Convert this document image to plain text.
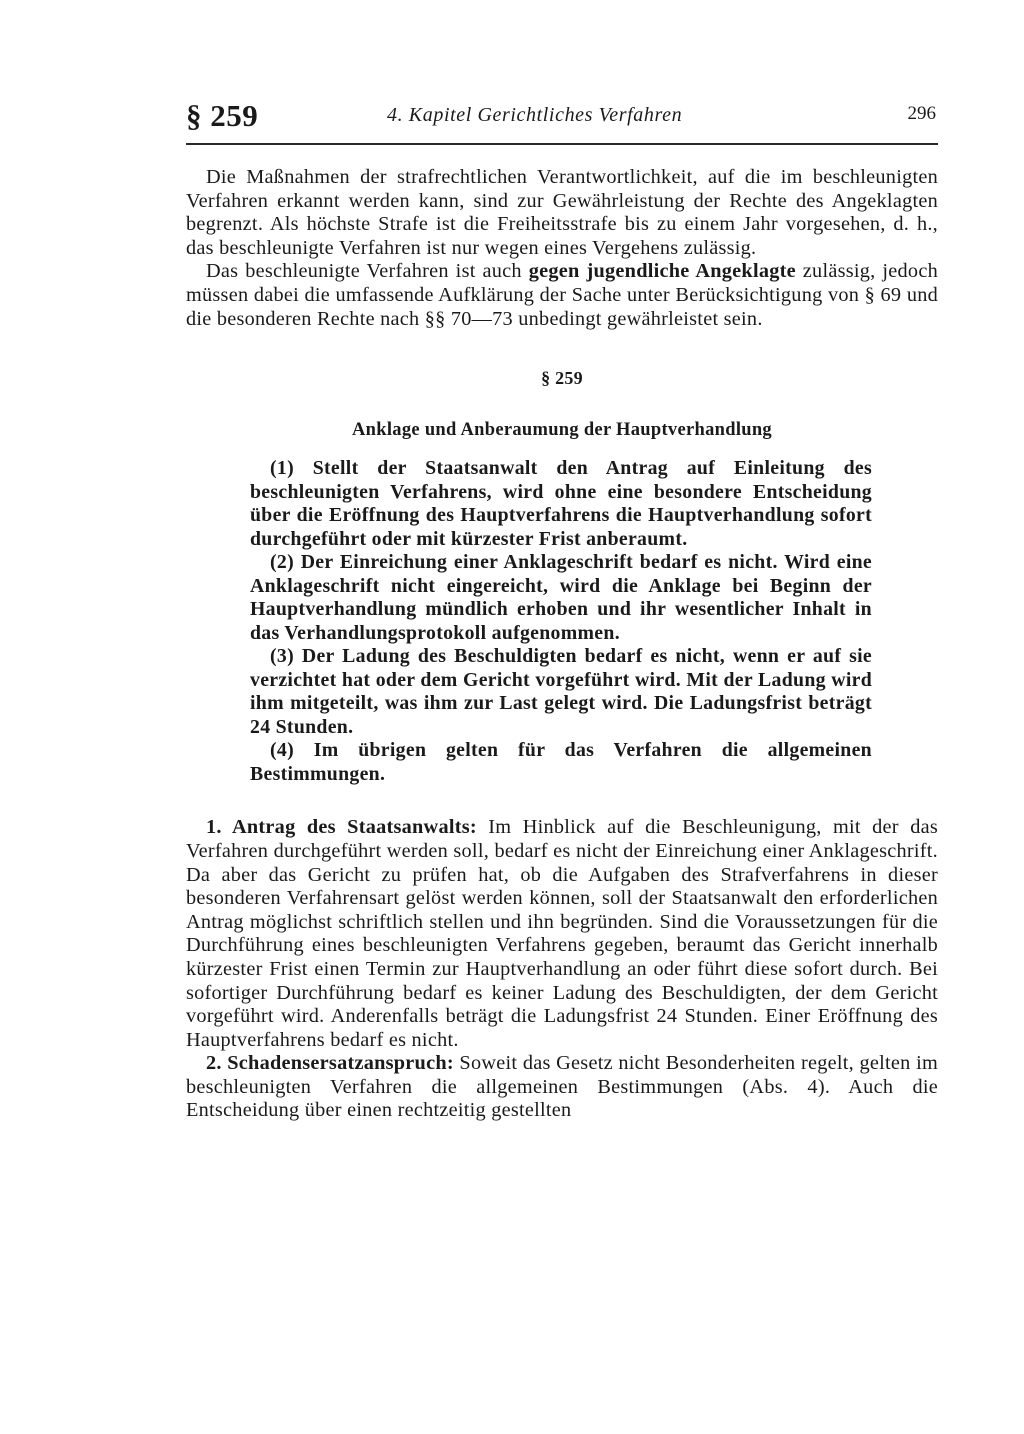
§ 259	4. Kapitel Gerichtliches Verfahren	296

Die Maßnahmen der strafrechtlichen Verantwortlichkeit, auf die im beschleunigten Verfahren erkannt werden kann, sind zur Gewährleistung der Rechte des Angeklagten begrenzt. Als höchste Strafe ist die Freiheitsstrafe bis zu einem Jahr vorgesehen, d. h., das beschleunigte Verfahren ist nur wegen eines Vergehens zulässig.

Das beschleunigte Verfahren ist auch gegen jugendliche Angeklagte zulässig, jedoch müssen dabei die umfassende Aufklärung der Sache unter Berücksichtigung von § 69 und die besonderen Rechte nach §§ 70—73 unbedingt gewährleistet sein.

§ 259

Anklage und Anberaumung der Hauptverhandlung

(1) Stellt der Staatsanwalt den Antrag auf Einleitung des beschleunigten Verfahrens, wird ohne eine besondere Entscheidung über die Eröffnung des Hauptverfahrens die Hauptverhandlung sofort durchgeführt oder mit kürzester Frist anberaumt.

(2) Der Einreichung einer Anklageschrift bedarf es nicht. Wird eine Anklageschrift nicht eingereicht, wird die Anklage bei Beginn der Hauptverhandlung mündlich erhoben und ihr wesentlicher Inhalt in das Verhandlungsprotokoll aufgenommen.

(3) Der Ladung des Beschuldigten bedarf es nicht, wenn er auf sie verzichtet hat oder dem Gericht vorgeführt wird. Mit der Ladung wird ihm mitgeteilt, was ihm zur Last gelegt wird. Die Ladungsfrist beträgt 24 Stunden.

(4) Im übrigen gelten für das Verfahren die allgemeinen Bestimmungen.

1. Antrag des Staatsanwalts: Im Hinblick auf die Beschleunigung, mit der das Verfahren durchgeführt werden soll, bedarf es nicht der Einreichung einer Anklageschrift. Da aber das Gericht zu prüfen hat, ob die Aufgaben des Strafverfahrens in dieser besonderen Verfahrensart gelöst werden können, soll der Staatsanwalt den erforderlichen Antrag möglichst schriftlich stellen und ihn begründen. Sind die Voraussetzungen für die Durchführung eines beschleunigten Verfahrens gegeben, beraumt das Gericht innerhalb kürzester Frist einen Termin zur Hauptverhandlung an oder führt diese sofort durch. Bei sofortiger Durchführung bedarf es keiner Ladung des Beschuldigten, der dem Gericht vorgeführt wird. Anderenfalls beträgt die Ladungsfrist 24 Stunden. Einer Eröffnung des Hauptverfahrens bedarf es nicht.

2. Schadensersatzanspruch: Soweit das Gesetz nicht Besonderheiten regelt, gelten im beschleunigten Verfahren die allgemeinen Bestimmungen (Abs. 4). Auch die Entscheidung über einen rechtzeitig gestellten
